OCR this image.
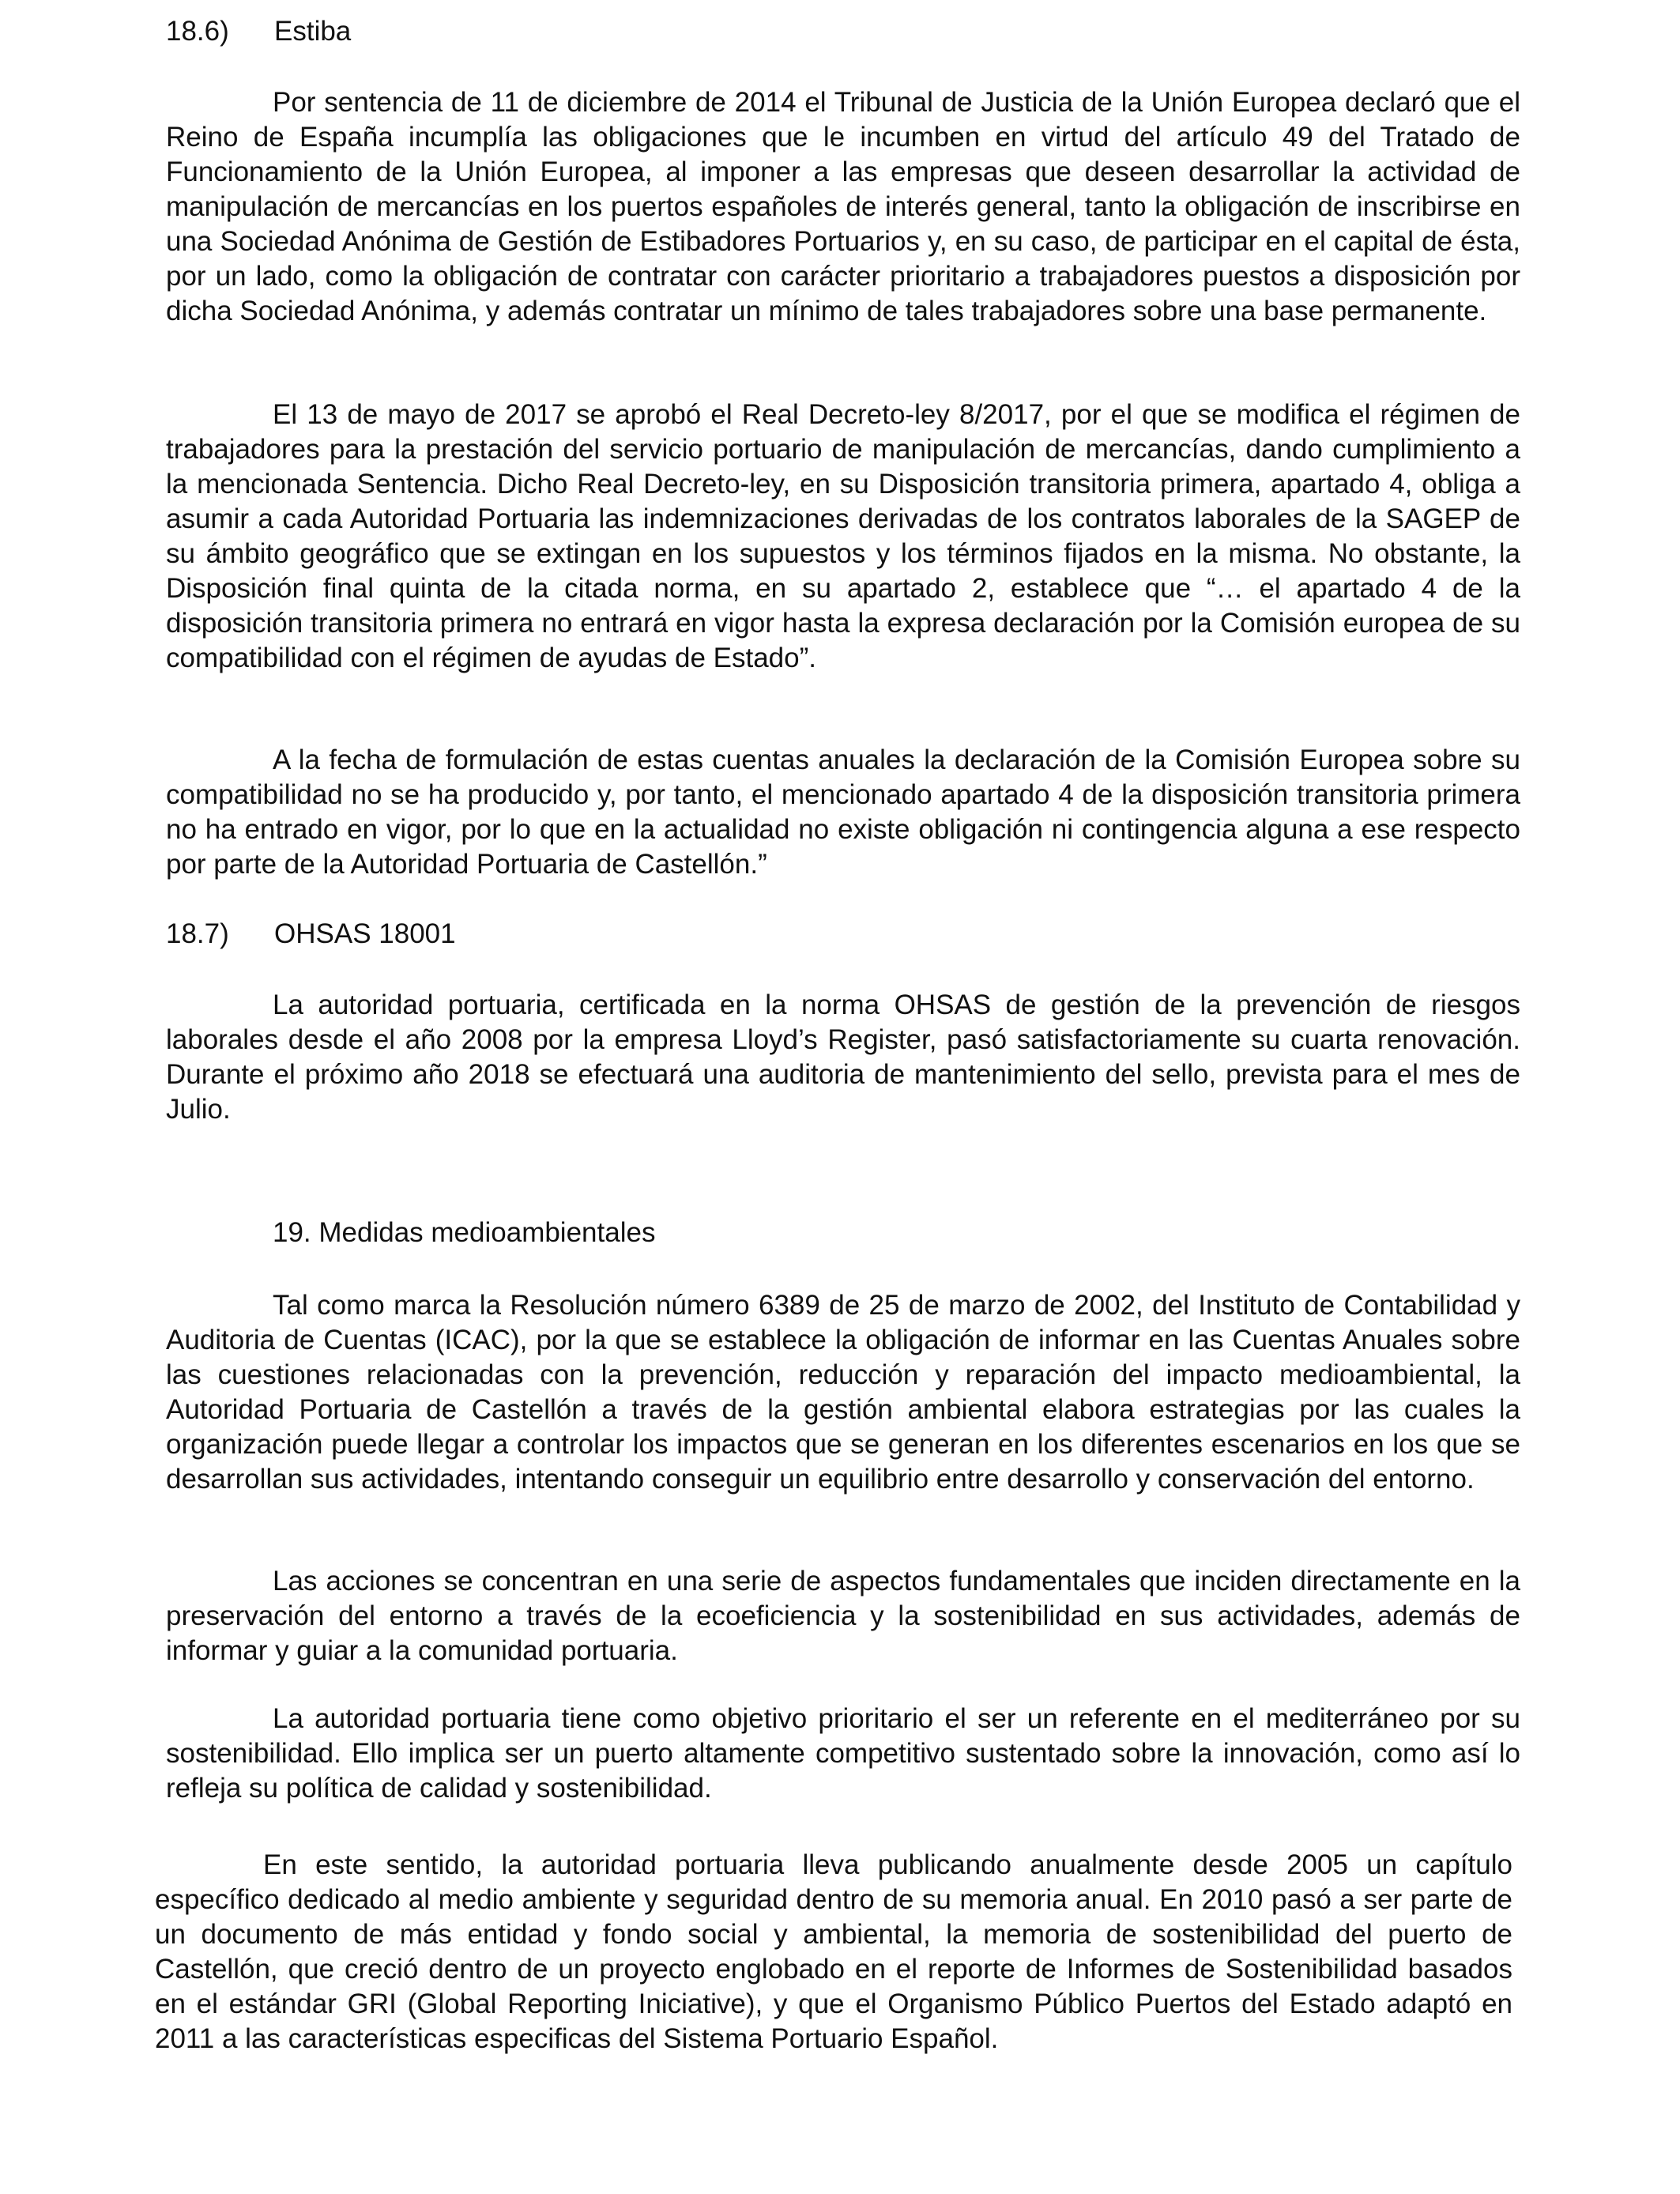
18.6) Estiba

Por sentencia de 11 de diciembre de 2014 el Tribunal de Justicia de la Unión Europea declaró que el Reino de España incumplía las obligaciones que le incumben en virtud del artículo 49 del Tratado de Funcionamiento de la Unión Europea, al imponer a las empresas que deseen desarrollar la actividad de manipulación de mercancías en los puertos españoles de interés general, tanto la obligación de inscribirse en una Sociedad Anónima de Gestión de Estibadores Portuarios y, en su caso, de participar en el capital de ésta, por un lado, como la obligación de contratar con carácter prioritario a trabajadores puestos a disposición por dicha Sociedad Anónima, y además contratar un mínimo de tales trabajadores sobre una base permanente.

El 13 de mayo de 2017 se aprobó el Real Decreto-ley 8/2017, por el que se modifica el régimen de trabajadores para la prestación del servicio portuario de manipulación de mercancías, dando cumplimiento a la mencionada Sentencia. Dicho Real Decreto-ley, en su Disposición transitoria primera, apartado 4, obliga a asumir a cada Autoridad Portuaria las indemnizaciones derivadas de los contratos laborales de la SAGEP de su ámbito geográfico que se extingan en los supuestos y los términos fijados en la misma. No obstante, la Disposición final quinta de la citada norma, en su apartado 2, establece que “… el apartado 4 de la disposición transitoria primera no entrará en vigor hasta la expresa declaración por la Comisión europea de su compatibilidad con el régimen de ayudas de Estado”.

A la fecha de formulación de estas cuentas anuales la declaración de la Comisión Europea sobre su compatibilidad no se ha producido y, por tanto, el mencionado apartado 4 de la disposición transitoria primera no ha entrado en vigor, por lo que en la actualidad no existe obligación ni contingencia alguna a ese respecto por parte de la Autoridad Portuaria de Castellón.”

18.7) OHSAS 18001

La autoridad portuaria, certificada en la norma OHSAS de gestión de la prevención de riesgos laborales desde el año 2008 por la empresa Lloyd’s Register, pasó satisfactoriamente su cuarta renovación. Durante el próximo año 2018 se efectuará una auditoria de mantenimiento del sello, prevista para el mes de Julio.

19. Medidas medioambientales

Tal como marca la Resolución número 6389 de 25 de marzo de 2002, del Instituto de Contabilidad y Auditoria de Cuentas (ICAC), por la que se establece la obligación de informar en las Cuentas Anuales sobre las cuestiones relacionadas con la prevención, reducción y reparación del impacto medioambiental, la Autoridad Portuaria de Castellón a través de la gestión ambiental elabora estrategias por las cuales la organización puede llegar a controlar los impactos que se generan en los diferentes escenarios en los que se desarrollan sus actividades, intentando conseguir un equilibrio entre desarrollo y conservación del entorno.

Las acciones se concentran en una serie de aspectos fundamentales que inciden directamente en la preservación del entorno a través de la ecoeficiencia y la sostenibilidad en sus actividades, además de informar y guiar a la comunidad portuaria.

La autoridad portuaria tiene como objetivo prioritario el ser un referente en el mediterráneo por su sostenibilidad. Ello implica ser un puerto altamente competitivo sustentado sobre la innovación, como así lo refleja su política de calidad y sostenibilidad.

En este sentido, la autoridad portuaria lleva publicando anualmente desde 2005 un capítulo específico dedicado al medio ambiente y seguridad dentro de su memoria anual. En 2010 pasó a ser parte de un documento de más entidad y fondo social y ambiental, la memoria de sostenibilidad del puerto de Castellón, que creció dentro de un proyecto englobado en el reporte de Informes de Sostenibilidad basados en el estándar GRI (Global Reporting Iniciative), y que el Organismo Público Puertos del Estado adaptó en 2011 a las características especificas del Sistema Portuario Español.
